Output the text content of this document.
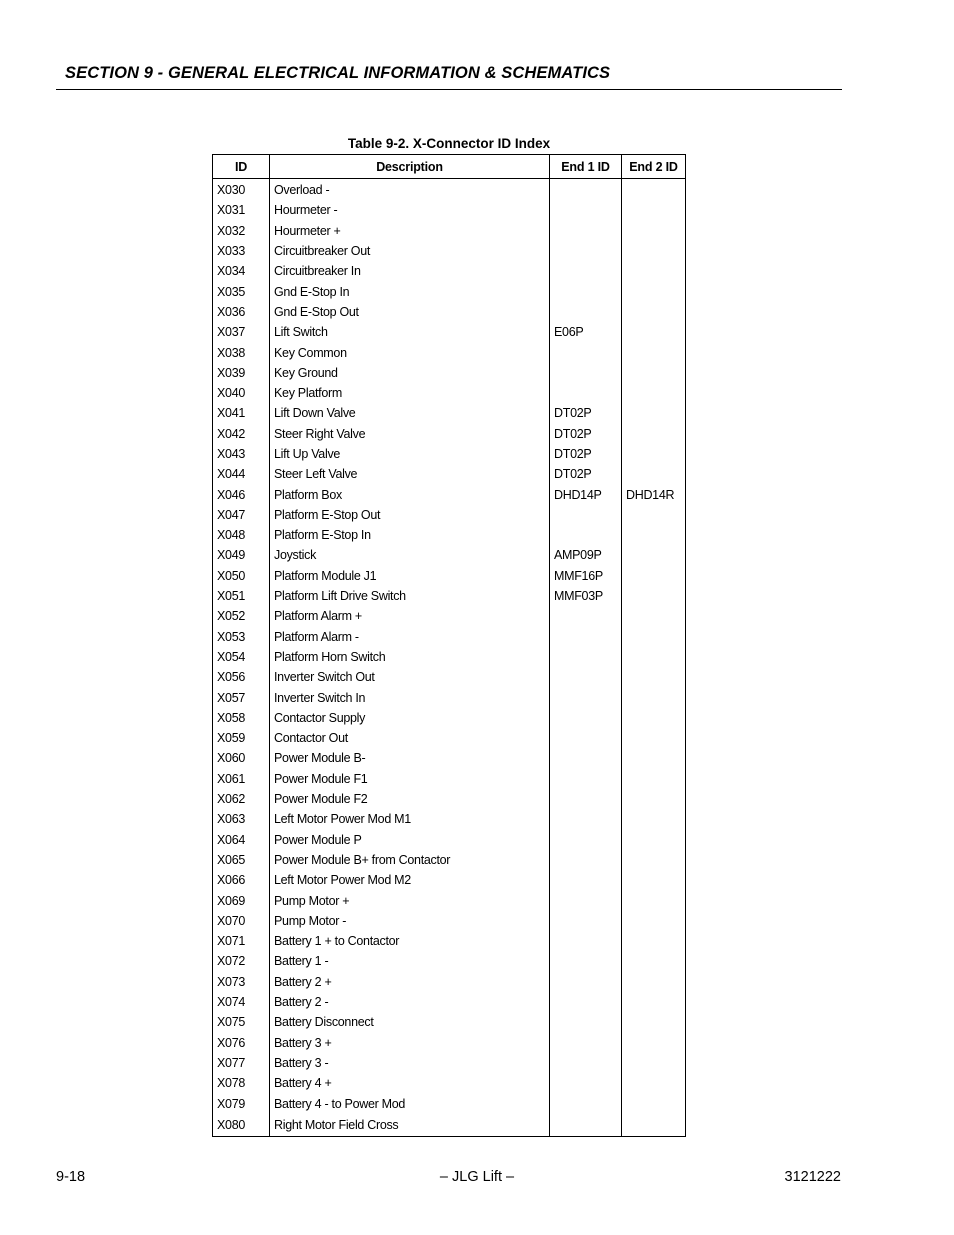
SECTION 9 - GENERAL ELECTRICAL INFORMATION & SCHEMATICS
Table 9-2. X-Connector ID Index
ID	Description	End 1 ID	End 2 ID
X030	Overload -		
X031	Hourmeter -		
X032	Hourmeter +		
X033	Circuitbreaker Out		
X034	Circuitbreaker In		
X035	Gnd E-Stop In		
X036	Gnd E-Stop Out		
X037	Lift Switch	E06P	
X038	Key Common		
X039	Key Ground		
X040	Key Platform		
X041	Lift Down Valve	DT02P	
X042	Steer Right Valve	DT02P	
X043	Lift Up Valve	DT02P	
X044	Steer Left Valve	DT02P	
X046	Platform Box	DHD14P	DHD14R
X047	Platform E-Stop Out		
X048	Platform E-Stop In		
X049	Joystick	AMP09P	
X050	Platform Module J1	MMF16P	
X051	Platform Lift Drive Switch	MMF03P	
X052	Platform Alarm +		
X053	Platform Alarm -		
X054	Platform Horn Switch		
X056	Inverter Switch Out		
X057	Inverter Switch In		
X058	Contactor Supply		
X059	Contactor Out		
X060	Power Module B-		
X061	Power Module F1		
X062	Power Module F2		
X063	Left Motor Power Mod M1		
X064	Power Module P		
X065	Power Module B+ from Contactor		
X066	Left Motor Power Mod M2		
X069	Pump Motor +		
X070	Pump Motor -		
X071	Battery 1 + to Contactor		
X072	Battery 1 -		
X073	Battery 2 +		
X074	Battery 2 -		
X075	Battery Disconnect		
X076	Battery 3 +		
X077	Battery 3 -		
X078	Battery 4 +		
X079	Battery 4 - to Power Mod		
X080	Right Motor Field Cross		
9-18	– JLG Lift –	3121222
